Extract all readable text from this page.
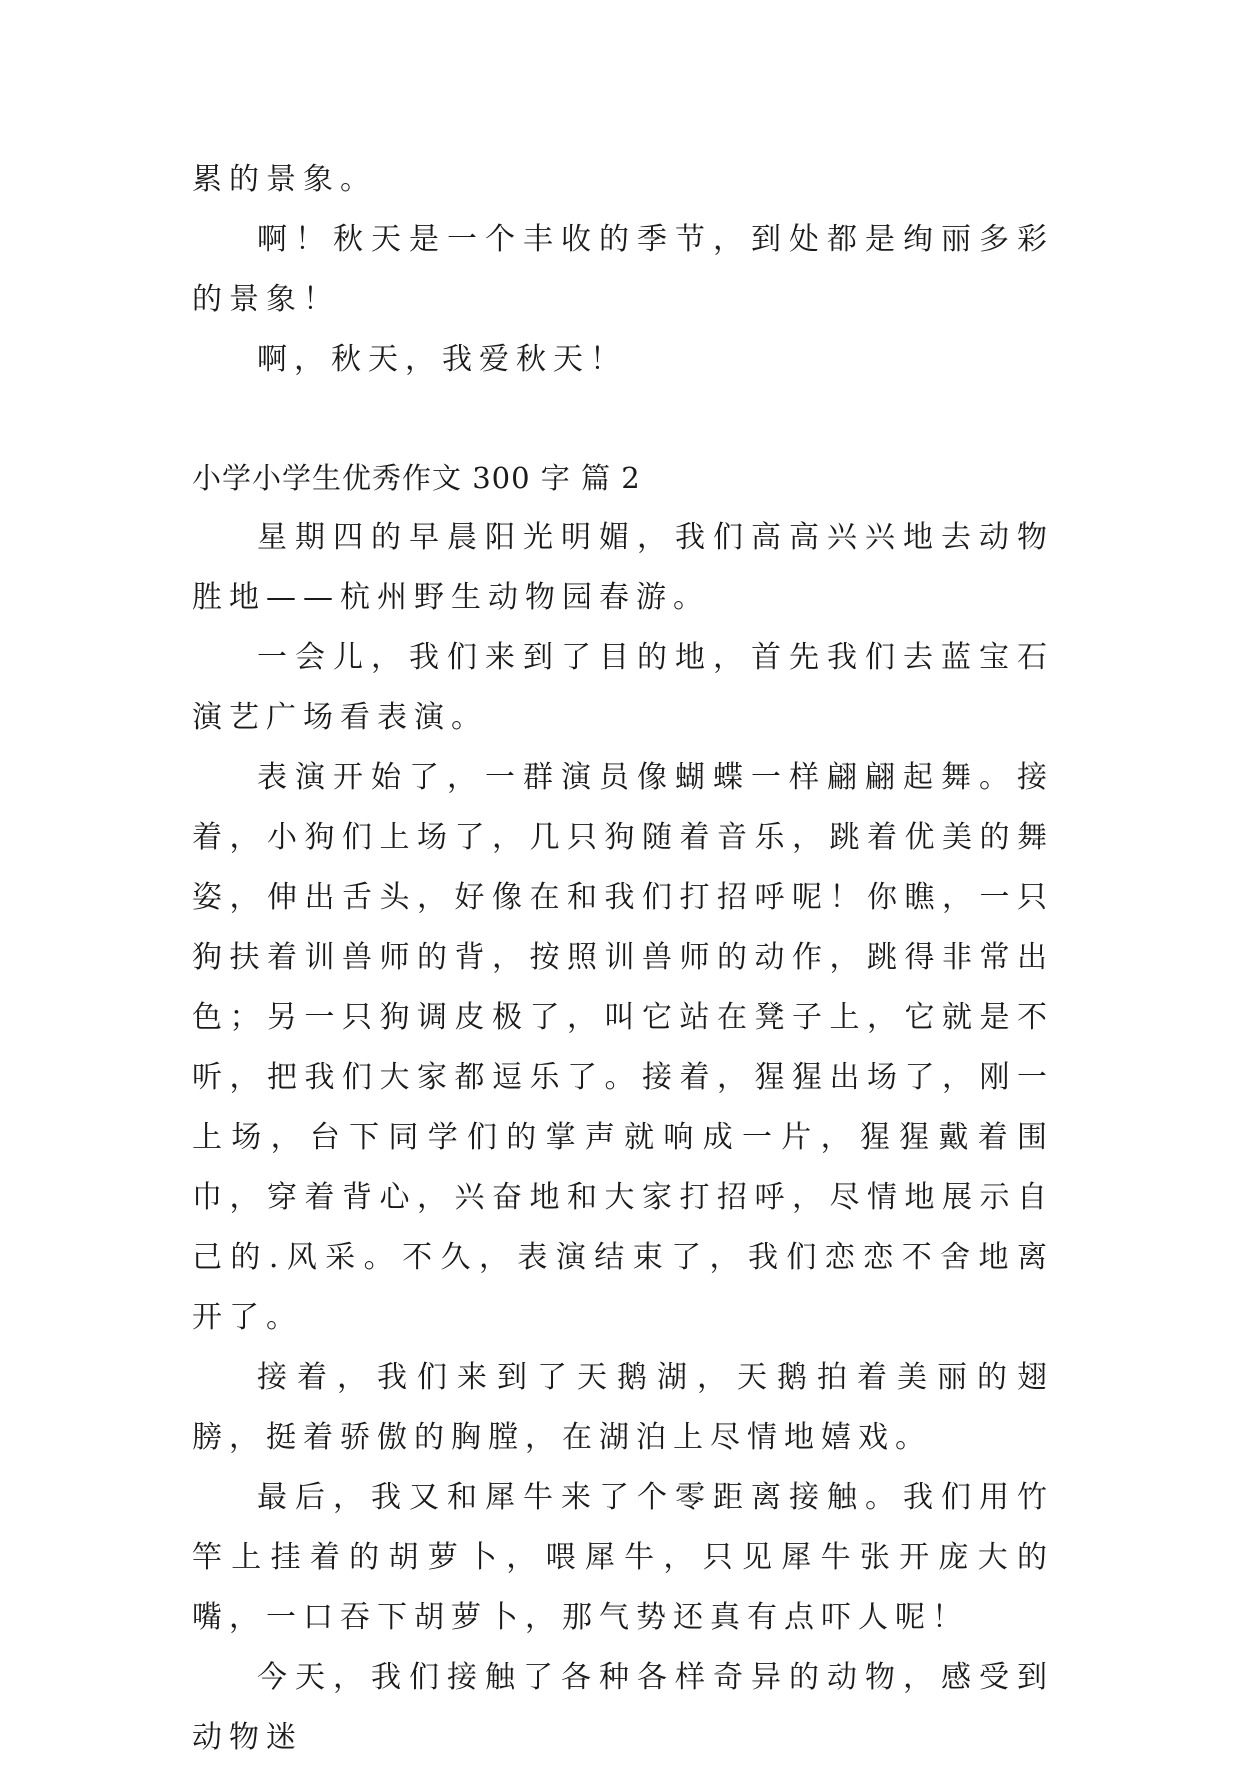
累的景象。

啊！秋天是一个丰收的季节，到处都是绚丽多彩的景象！

啊，秋天，我爱秋天！

小学小学生优秀作文 300 字 篇 2

星期四的早晨阳光明媚，我们高高兴兴地去动物胜地——杭州野生动物园春游。

一会儿，我们来到了目的地，首先我们去蓝宝石演艺广场看表演。

表演开始了，一群演员像蝴蝶一样翩翩起舞。接着，小狗们上场了，几只狗随着音乐，跳着优美的舞姿，伸出舌头，好像在和我们打招呼呢！你瞧，一只狗扶着训兽师的背，按照训兽师的动作，跳得非常出色；另一只狗调皮极了，叫它站在凳子上，它就是不听，把我们大家都逗乐了。接着，猩猩出场了，刚一上场，台下同学们的掌声就响成一片，猩猩戴着围巾，穿着背心，兴奋地和大家打招呼，尽情地展示自己的.风采。不久，表演结束了，我们恋恋不舍地离开了。

接着，我们来到了天鹅湖，天鹅拍着美丽的翅膀，挺着骄傲的胸膛，在湖泊上尽情地嬉戏。

最后，我又和犀牛来了个零距离接触。我们用竹竿上挂着的胡萝卜，喂犀牛，只见犀牛张开庞大的嘴，一口吞下胡萝卜，那气势还真有点吓人呢！

今天，我们接触了各种各样奇异的动物，感受到动物迷
